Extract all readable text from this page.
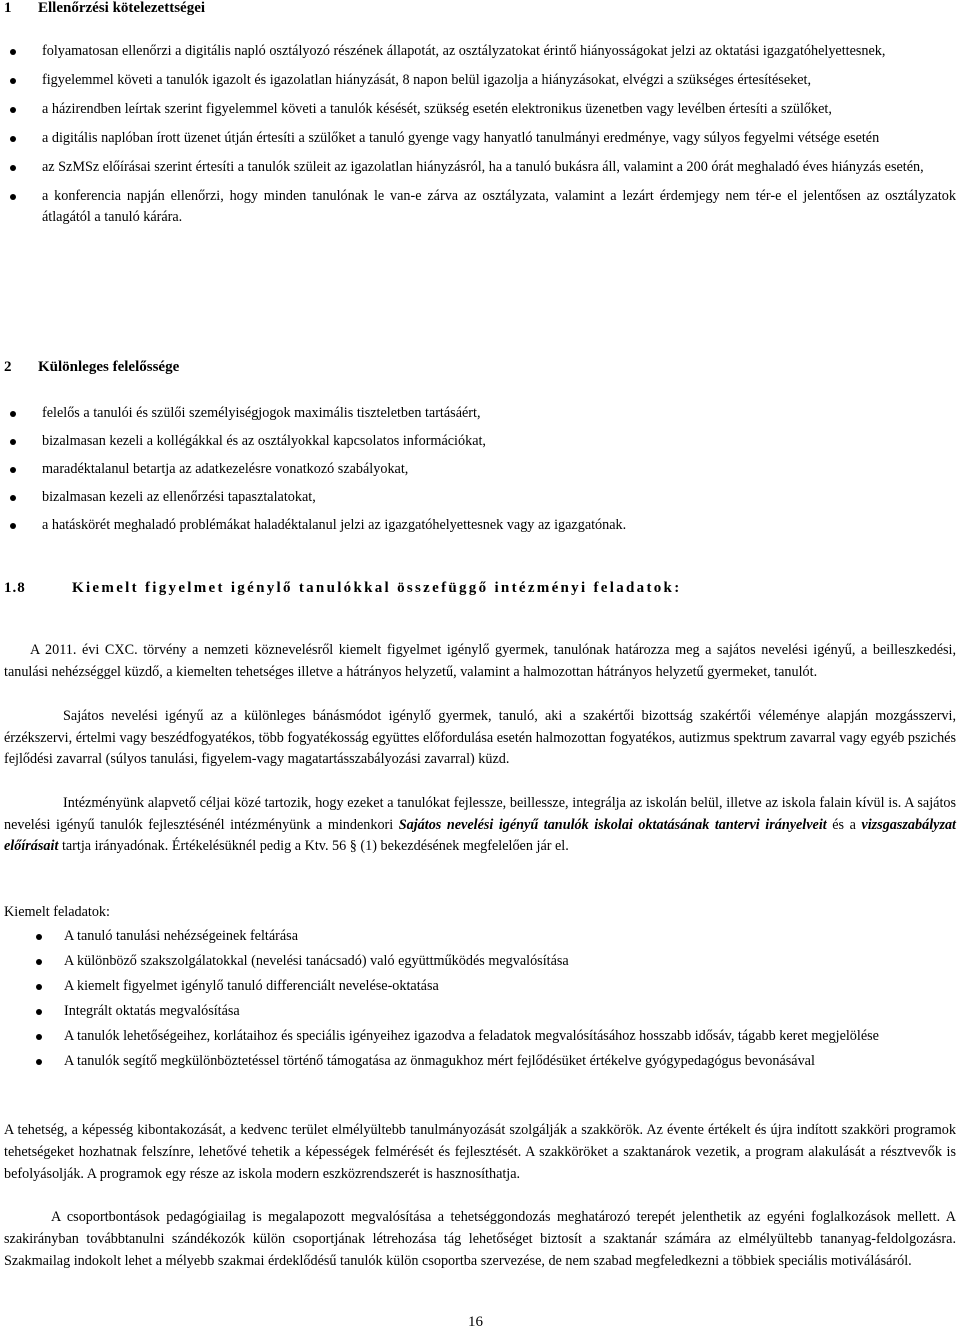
1 Ellenőrzési kötelezettségei
folyamatosan ellenőrzi a digitális napló osztályozó részének állapotát, az osztályzatokat érintő hiányosságokat jelzi az oktatási igazgatóhelyettesnek,
figyelemmel követi a tanulók igazolt és igazolatlan hiányzását, 8 napon belül igazolja a hiányzásokat, elvégzi a szükséges értesítéseket,
a házirendben leírtak szerint figyelemmel követi a tanulók késését, szükség esetén elektronikus üzenetben vagy levélben értesíti a szülőket,
a digitális naplóban írott üzenet útján értesíti a szülőket a tanuló gyenge vagy hanyatló tanulmányi eredménye, vagy súlyos fegyelmi vétsége esetén
az SzMSz előírásai szerint értesíti a tanulók szüleit az igazolatlan hiányzásról, ha a tanuló bukásra áll, valamint a 200 órát meghaladó éves hiányzás esetén,
a konferencia napján ellenőrzi, hogy minden tanulónak le van-e zárva az osztályzata, valamint a lezárt érdemjegy nem tér-e el jelentősen az osztályzatok átlagától a tanuló kárára.
2 Különleges felelőssége
felelős a tanulói és szülői személyiségjogok maximális tiszteletben tartásáért,
bizalmasan kezeli a kollégákkal és az osztályokkal kapcsolatos információkat,
maradéktalanul betartja az adatkezelésre vonatkozó szabályokat,
bizalmasan kezeli az ellenőrzési tapasztalatokat,
a hatáskörét meghaladó problémákat haladéktalanul jelzi az igazgatóhelyettesnek vagy az igazgatónak.
1.8	Kiemelt figyelmet igénylő tanulókkal összefüggő intézményi feladatok:

A 2011. évi CXC. törvény a nemzeti köznevelésről kiemelt figyelmet igénylő gyermek, tanulónak határozza meg a sajátos nevelési igényű, a beilleszkedési, tanulási nehézséggel küzdő, a kiemelten tehetséges illetve a hátrányos helyzetű, valamint a halmozottan hátrányos helyzetű gyermeket, tanulót.

Sajátos nevelési igényű az a különleges bánásmódot igénylő gyermek, tanuló, aki a szakértői bizottság szakértői véleménye alapján mozgásszervi, érzékszervi, értelmi vagy beszédfogyatékos, több fogyatékosság együttes előfordulása esetén halmozottan fogyatékos, autizmus spektrum zavarral vagy egyéb pszichés fejlődési zavarral (súlyos tanulási, figyelem-vagy magatartásszabályozási zavarral) küzd.

Intézményünk alapvető céljai közé tartozik, hogy ezeket a tanulókat fejlessze, beillessze, integrálja az iskolán belül, illetve az iskola falain kívül is. A sajátos nevelési igényű tanulók fejlesztésénél intézményünk a mindenkori Sajátos nevelési igényű tanulók iskolai oktatásának tantervi irányelveit és a vizsgaszabályzat előírásait tartja irányadónak. Értékelésüknél pedig a Ktv. 56 § (1) bekezdésének megfelelően jár el.

Kiemelt feladatok:

A tanuló tanulási nehézségeinek feltárása
A különböző szakszolgálatokkal (nevelési tanácsadó) való együttműködés megvalósítása
A kiemelt figyelmet igénylő tanuló differenciált nevelése-oktatása
Integrált oktatás megvalósítása
A tanulók lehetőségeihez, korlátaihoz és speciális igényeihez igazodva a feladatok megvalósításához hosszabb idősáv, tágabb keret megjelölése
A tanulók segítő megkülönböztetéssel történő támogatása az önmagukhoz mért fejlődésüket értékelve gyógypedagógus bevonásával

A tehetség, a képesség kibontakozását, a kedvenc terület elmélyültebb tanulmányozását szolgálják a szakkörök. Az évente értékelt és újra indított szakköri programok tehetségeket hozhatnak felszínre, lehetővé tehetik a képességek felmérését és fejlesztését. A szakköröket a szaktanárok vezetik, a program alakulását a résztvevők is befolyásolják. A programok egy része az iskola modern eszközrendszerét is hasznosíthatja.

A csoportbontások pedagógiailag is megalapozott megvalósítása a tehetséggondozás meghatározó terepét jelenthetik az egyéni foglalkozások mellett. A szakirányban továbbtanulni szándékozók külön csoportjának létrehozása tág lehetőséget biztosít a szaktanár számára az elmélyültebb tananyag-feldolgozásra. Szakmailag indokolt lehet a mélyebb szakmai érdeklődésű tanulók külön csoportba szervezése, de nem szabad megfeledkezni a többiek speciális motiválásáról.

16
